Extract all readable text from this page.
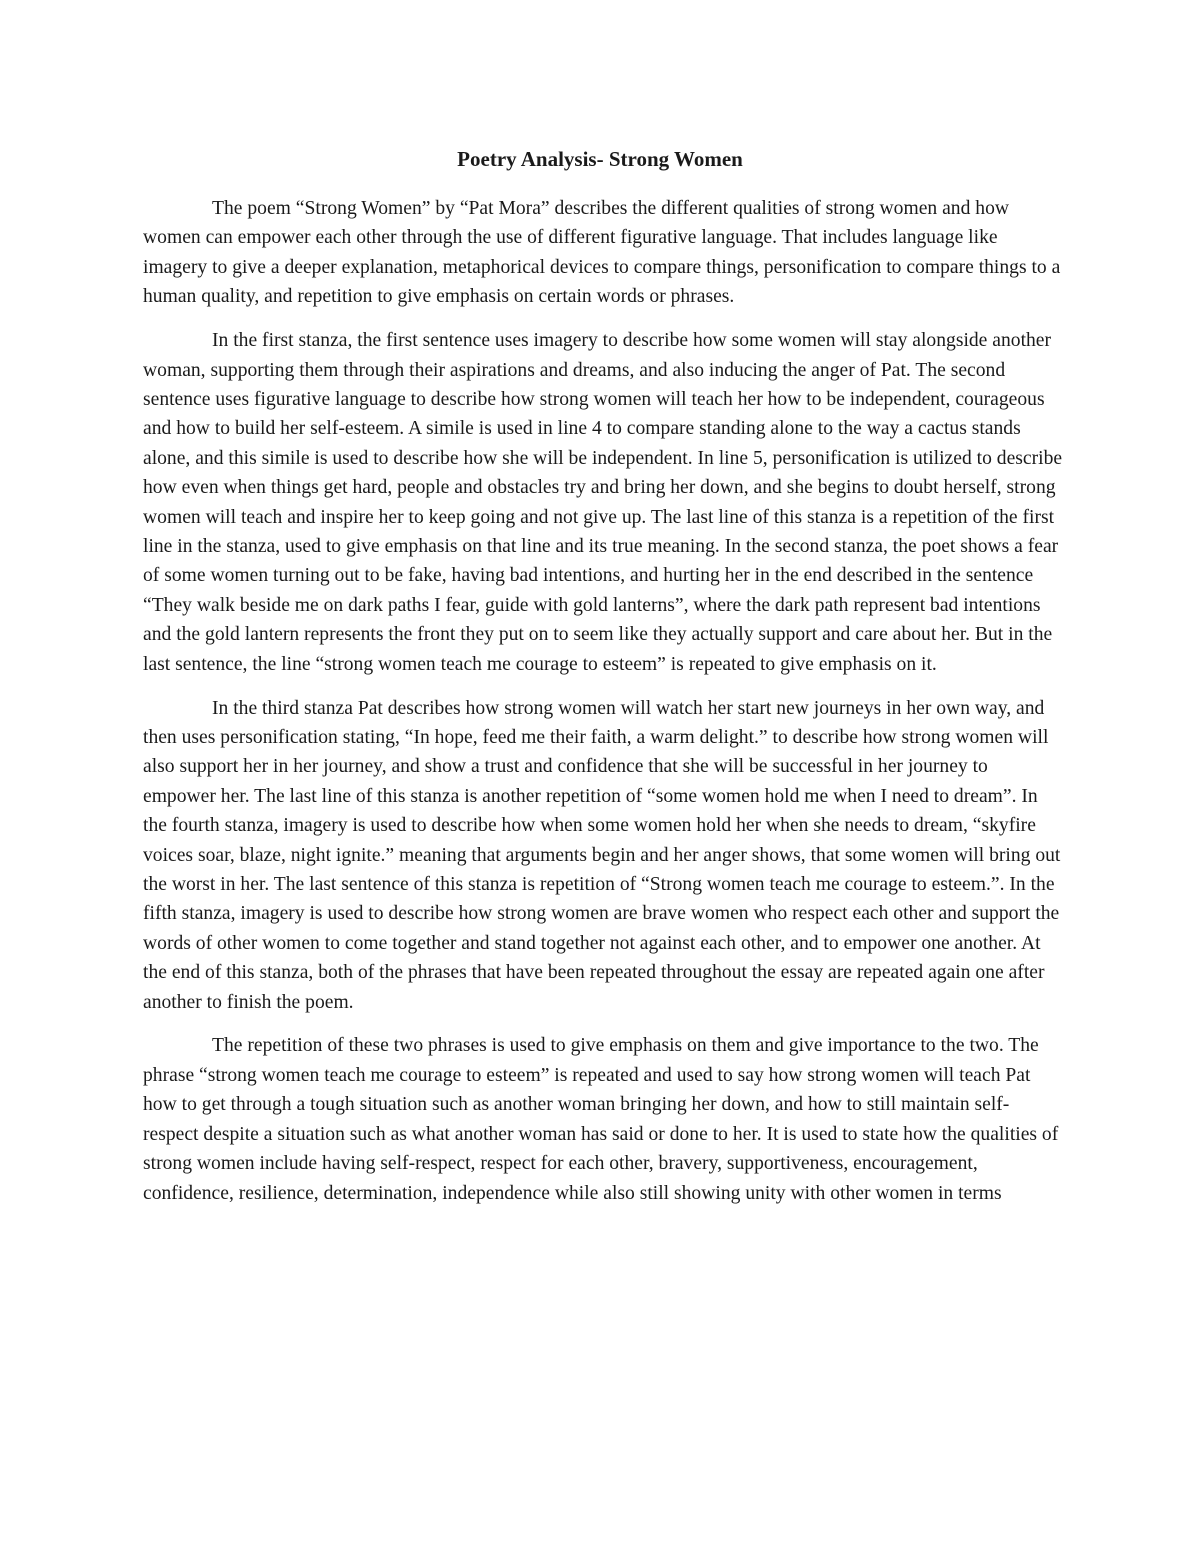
Poetry Analysis- Strong Women

The poem “Strong Women” by “Pat Mora” describes the different qualities of strong women and how women can empower each other through the use of different figurative language. That includes language like imagery to give a deeper explanation, metaphorical devices to compare things, personification to compare things to a human quality, and repetition to give emphasis on certain words or phrases.

In the first stanza, the first sentence uses imagery to describe how some women will stay alongside another woman, supporting them through their aspirations and dreams, and also inducing the anger of Pat. The second sentence uses figurative language to describe how strong women will teach her how to be independent, courageous and how to build her self-esteem. A simile is used in line 4 to compare standing alone to the way a cactus stands alone, and this simile is used to describe how she will be independent. In line 5, personification is utilized to describe how even when things get hard, people and obstacles try and bring her down, and she begins to doubt herself, strong women will teach and inspire her to keep going and not give up. The last line of this stanza is a repetition of the first line in the stanza, used to give emphasis on that line and its true meaning. In the second stanza, the poet shows a fear of some women turning out to be fake, having bad intentions, and hurting her in the end described in the sentence “They walk beside me on dark paths I fear, guide with gold lanterns”, where the dark path represent bad intentions and the gold lantern represents the front they put on to seem like they actually support and care about her. But in the last sentence, the line “strong women teach me courage to esteem” is repeated to give emphasis on it.

In the third stanza Pat describes how strong women will watch her start new journeys in her own way, and then uses personification stating, “In hope, feed me their faith, a warm delight.” to describe how strong women will also support her in her journey, and show a trust and confidence that she will be successful in her journey to empower her. The last line of this stanza is another repetition of “some women hold me when I need to dream”. In the fourth stanza, imagery is used to describe how when some women hold her when she needs to dream, “skyfire voices soar, blaze, night ignite.” meaning that arguments begin and her anger shows, that some women will bring out the worst in her. The last sentence of this stanza is repetition of “Strong women teach me courage to esteem.”. In the fifth stanza, imagery is used to describe how strong women are brave women who respect each other and support the words of other women to come together and stand together not against each other, and to empower one another. At the end of this stanza, both of the phrases that have been repeated throughout the essay are repeated again one after another to finish the poem.

The repetition of these two phrases is used to give emphasis on them and give importance to the two. The phrase “strong women teach me courage to esteem” is repeated and used to say how strong women will teach Pat how to get through a tough situation such as another woman bringing her down, and how to still maintain self-respect despite a situation such as what another woman has said or done to her. It is used to state how the qualities of strong women include having self-respect, respect for each other, bravery, supportiveness, encouragement, confidence, resilience, determination, independence while also still showing unity with other women in terms
